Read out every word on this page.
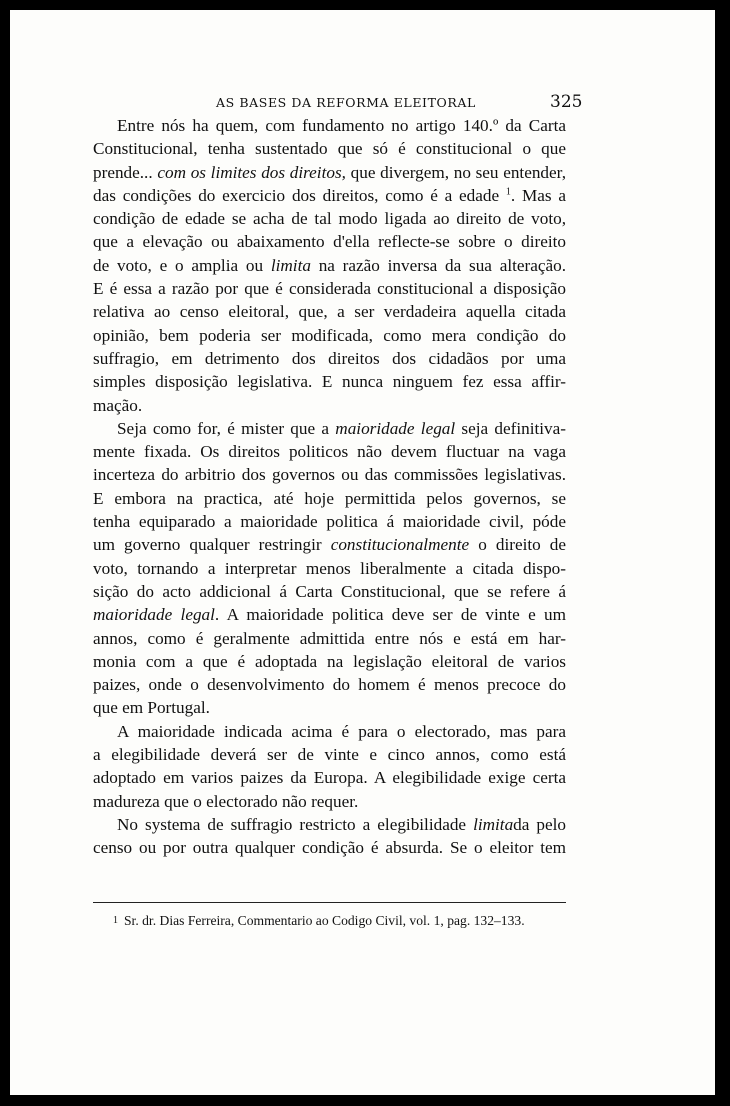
AS BASES DA REFORMA ELEITORAL	325

Entre nós ha quem, com fundamento no artigo 140.º da Carta
Constitucional, tenha sustentado que só é constitucional o que
prende... com os limites dos direitos, que divergem, no seu entender,
das condições do exercicio dos direitos, como é a edade $^1$. Mas a
condição de edade se acha de tal modo ligada ao direito de voto,
que a elevação ou abaixamento d'ella reflecte-se sobre o direito
de voto, e o amplia ou limita na razão inversa da sua alteração.
E é essa a razão por que é considerada constitucional a disposição
relativa ao censo eleitoral, que, a ser verdadeira aquella citada
opinião, bem poderia ser modificada, como mera condição do
suffragio, em detrimento dos direitos dos cidadãos por uma
simples disposição legislativa. E nunca ninguem fez essa affir-
mação.

Seja como for, é mister que a maioridade legal seja definitiva-
mente fixada. Os direitos politicos não devem fluctuar na vaga
incerteza do arbitrio dos governos ou das commissões legislativas.
E embora na practica, até hoje permittida pelos governos, se
tenha equiparado a maioridade politica á maioridade civil, póde
um governo qualquer restringir constitucionalmente o direito de
voto, tornando a interpretar menos liberalmente a citada dispo-
sição do acto addicional á Carta Constitucional, que se refere á
maioridade legal. A maioridade politica deve ser de vinte e um
annos, como é geralmente admittida entre nós e está em har-
monia com a que é adoptada na legislação eleitoral de varios
paizes, onde o desenvolvimento do homem é menos precoce do
que em Portugal.

A maioridade indicada acima é para o electorado, mas para
a elegibilidade deverá ser de vinte e cinco annos, como está
adoptado em varios paizes da Europa. A elegibilidade exige certa
madureza que o electorado não requer.

No systema de suffragio restricto a elegibilidade limitada pelo
censo ou por outra qualquer condição é absurda. Se o eleitor tem

1 Sr. dr. Dias Ferreira, Commentario ao Codigo Civil, vol. 1, pag. 132–133.
